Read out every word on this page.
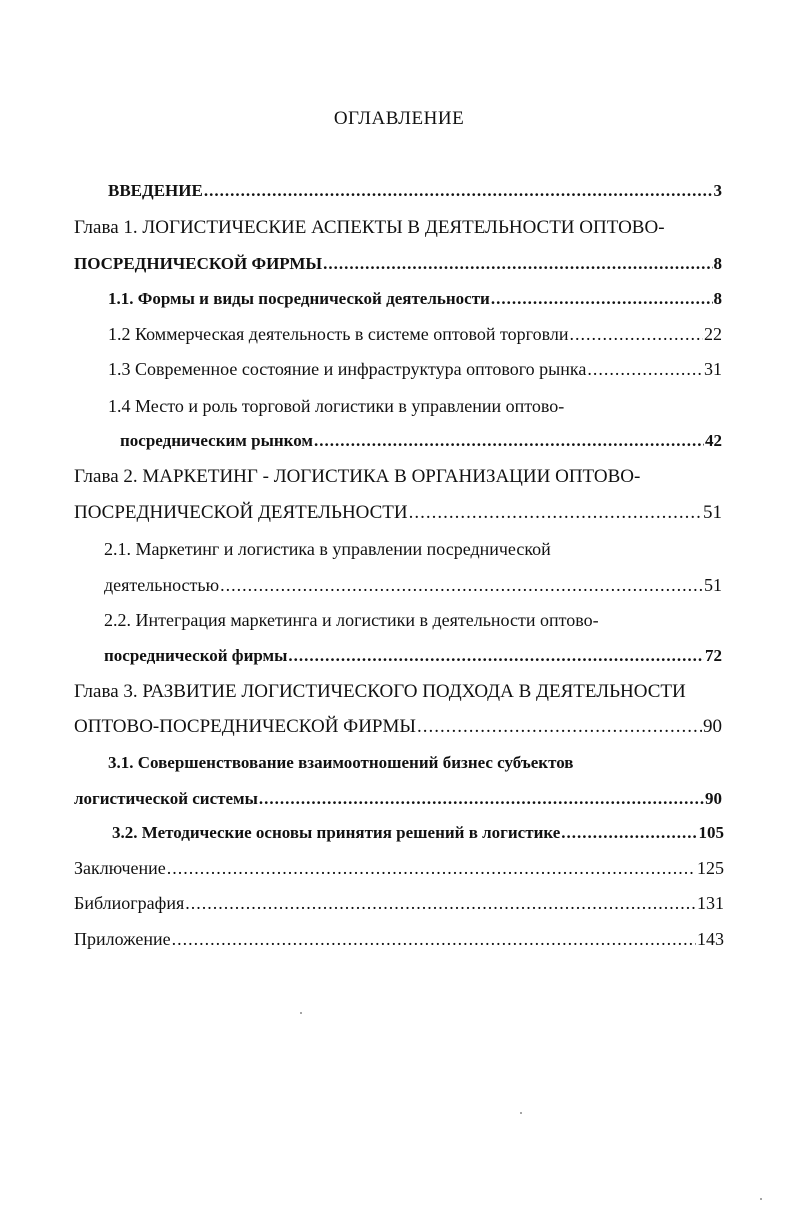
ОГЛАВЛЕНИЕ
ВВЕДЕНИЕ .....	3
Глава 1. ЛОГИСТИЧЕСКИЕ АСПЕКТЫ В ДЕЯТЕЛЬНОСТИ ОПТОВО-
ПОСРЕДНИЧЕСКОЙ ФИРМЫ .....	8
1.1. Формы и виды посреднической деятельности .....	8
1.2 Коммерческая деятельность в системе оптовой торговли .....	22
1.3 Современное состояние и инфраструктура оптового рынка .....	31
1.4 Место и роль торговой логистики в управлении оптово-
посредническим рынком .....	42
Глава 2. МАРКЕТИНГ - ЛОГИСТИКА В ОРГАНИЗАЦИИ ОПТОВО-
ПОСРЕДНИЧЕСКОЙ ДЕЯТЕЛЬНОСТИ .....	51
2.1. Маркетинг и логистика в управлении посреднической
деятельностью .....	51
2.2. Интеграция маркетинга и логистики в деятельности оптово-
посреднической фирмы .....	72
Глава 3. РАЗВИТИЕ ЛОГИСТИЧЕСКОГО ПОДХОДА В ДЕЯТЕЛЬНОСТИ
ОПТОВО-ПОСРЕДНИЧЕСКОЙ ФИРМЫ .....	90
3.1. Совершенствование взаимоотношений бизнес субъектов
логистической системы .....	90
3.2. Методические основы принятия решений в логистике .....	105
Заключение .....	125
Библиография .....	131
Приложение .....	143
